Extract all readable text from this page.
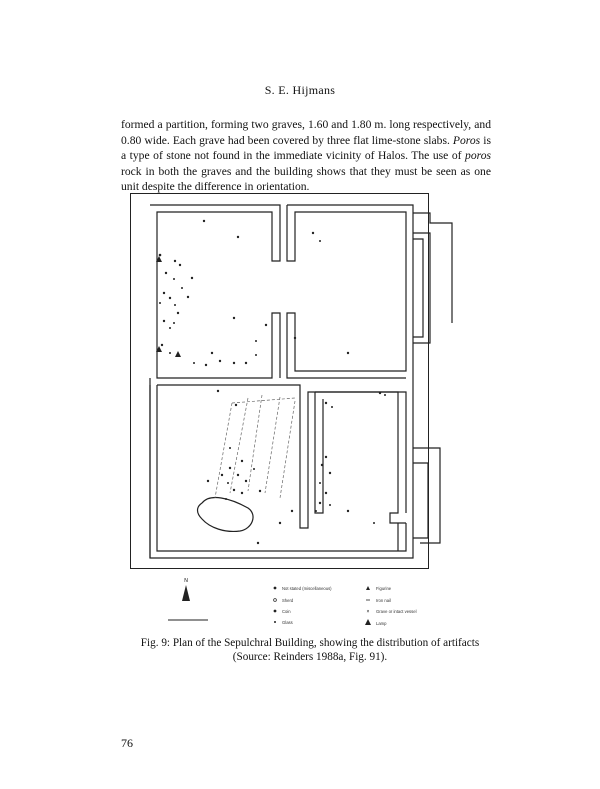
S. E. Hijmans
formed a partition, forming two graves, 1.60 and 1.80 m. long respectively, and 0.80 wide. Each grave had been covered by three flat lime-stone slabs. Poros is a type of stone not found in the immediate vicinity of Halos. The use of poros rock in both the graves and the building shows that they must be seen as one unit despite the difference in orientation.
N
Not stated (miscellaneous)
Sherd
Coin
Glass
Figurine
Iron nail
× Grave or intact vessel
Lamp
Fig. 9: Plan of the Sepulchral Building, showing the distribution of artifacts
(Source: Reinders 1988a, Fig. 91).
76
